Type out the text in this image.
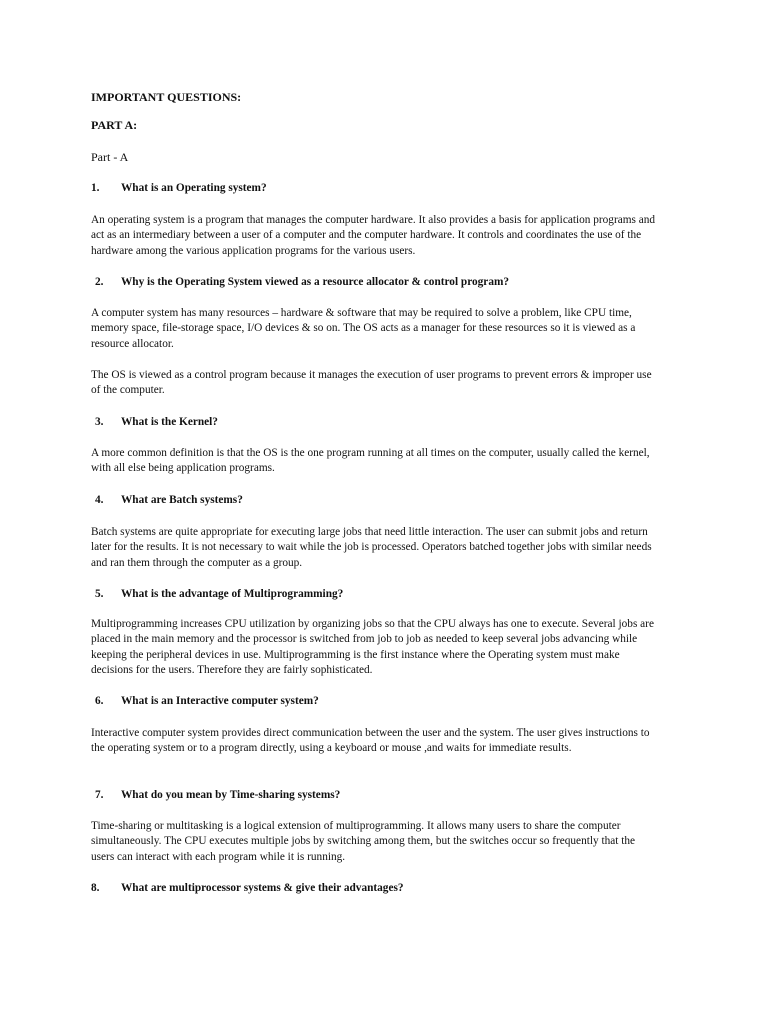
IMPORTANT QUESTIONS:

PART A:

Part - A

1. What is an Operating system?

An operating system is a program that manages the computer hardware. It also provides a basis for application programs and act as an intermediary between a user of a computer and the computer hardware. It controls and coordinates the use of the hardware among the various application programs for the various users.

2. Why is the Operating System viewed as a resource allocator & control program?

A computer system has many resources – hardware & software that may be required to solve a problem, like CPU time, memory space, file-storage space, I/O devices & so on. The OS acts as a manager for these resources so it is viewed as a resource allocator.

The OS is viewed as a control program because it manages the execution of user programs to prevent errors & improper use of the computer.

3. What is the Kernel?

A more common definition is that the OS is the one program running at all times on the computer, usually called the kernel, with all else being application programs.

4. What are Batch systems?

Batch systems are quite appropriate for executing large jobs that need little interaction. The user can submit jobs and return later for the results. It is not necessary to wait while the job is processed. Operators batched together jobs with similar needs and ran them through the computer as a group.

5. What is the advantage of Multiprogramming?

Multiprogramming increases CPU utilization by organizing jobs so that the CPU always has one to execute. Several jobs are placed in the main memory and the processor is switched from job to job as needed to keep several jobs advancing while keeping the peripheral devices in use. Multiprogramming is the first instance where the Operating system must make decisions for the users. Therefore they are fairly sophisticated.

6. What is an Interactive computer system?

Interactive computer system provides direct communication between the user and the system. The user gives instructions to the operating system or to a program directly, using a keyboard or mouse ,and waits for immediate results.

7. What do you mean by Time-sharing systems?

Time-sharing or multitasking is a logical extension of multiprogramming. It allows many users to share the computer simultaneously. The CPU executes multiple jobs by switching among them, but the switches occur so frequently that the users can interact with each program while it is running.

8. What are multiprocessor systems & give their advantages?
